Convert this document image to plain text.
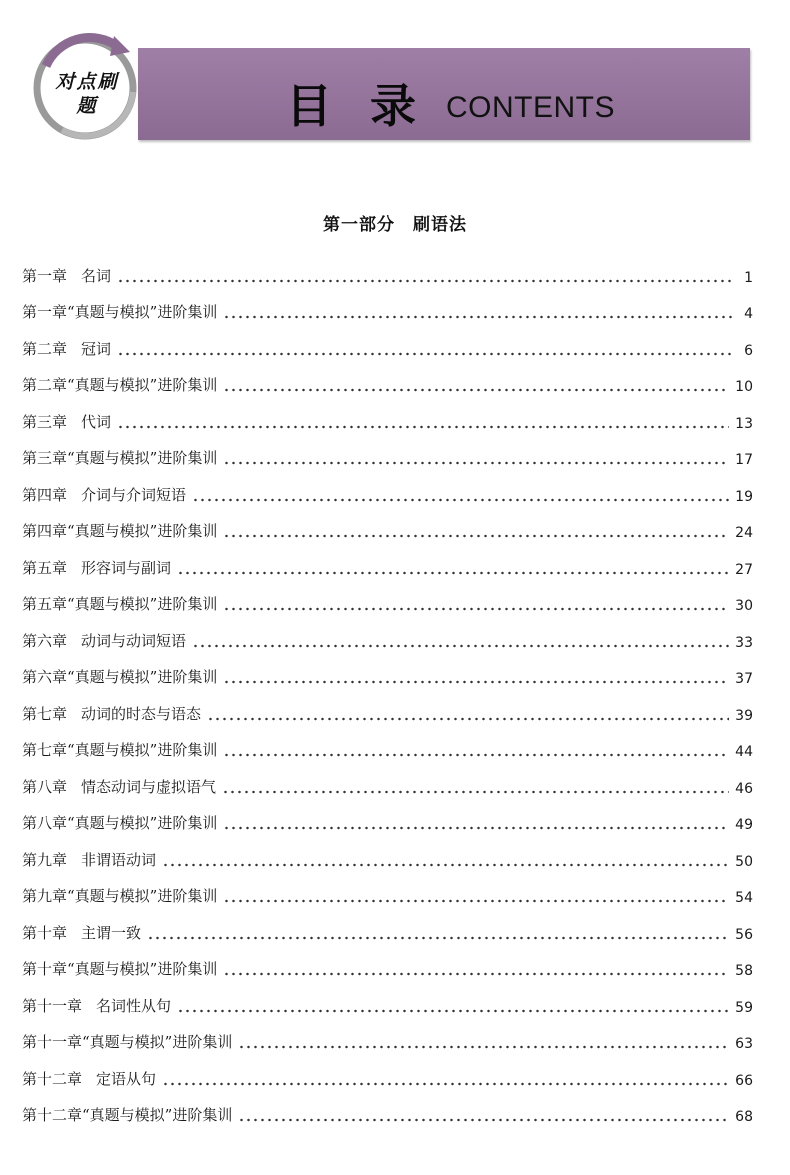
对点刷题	目录
CONTENTS
第一部分　刷语法
第一章 名词	1
第一章“真题与模拟”进阶集训	4
第二章 冠词	6
第二章“真题与模拟”进阶集训	10
第三章 代词	13
第三章“真题与模拟”进阶集训	17
第四章 介词与介词短语	19
第四章“真题与模拟”进阶集训	24
第五章 形容词与副词	27
第五章“真题与模拟”进阶集训	30
第六章 动词与动词短语	33
第六章“真题与模拟”进阶集训	37
第七章 动词的时态与语态	39
第七章“真题与模拟”进阶集训	44
第八章 情态动词与虚拟语气	46
第八章“真题与模拟”进阶集训	49
第九章 非谓语动词	50
第九章“真题与模拟”进阶集训	54
第十章 主谓一致	56
第十章“真题与模拟”进阶集训	58
第十一章 名词性从句	59
第十一章“真题与模拟”进阶集训	63
第十二章 定语从句	66
第十二章“真题与模拟”进阶集训	68
